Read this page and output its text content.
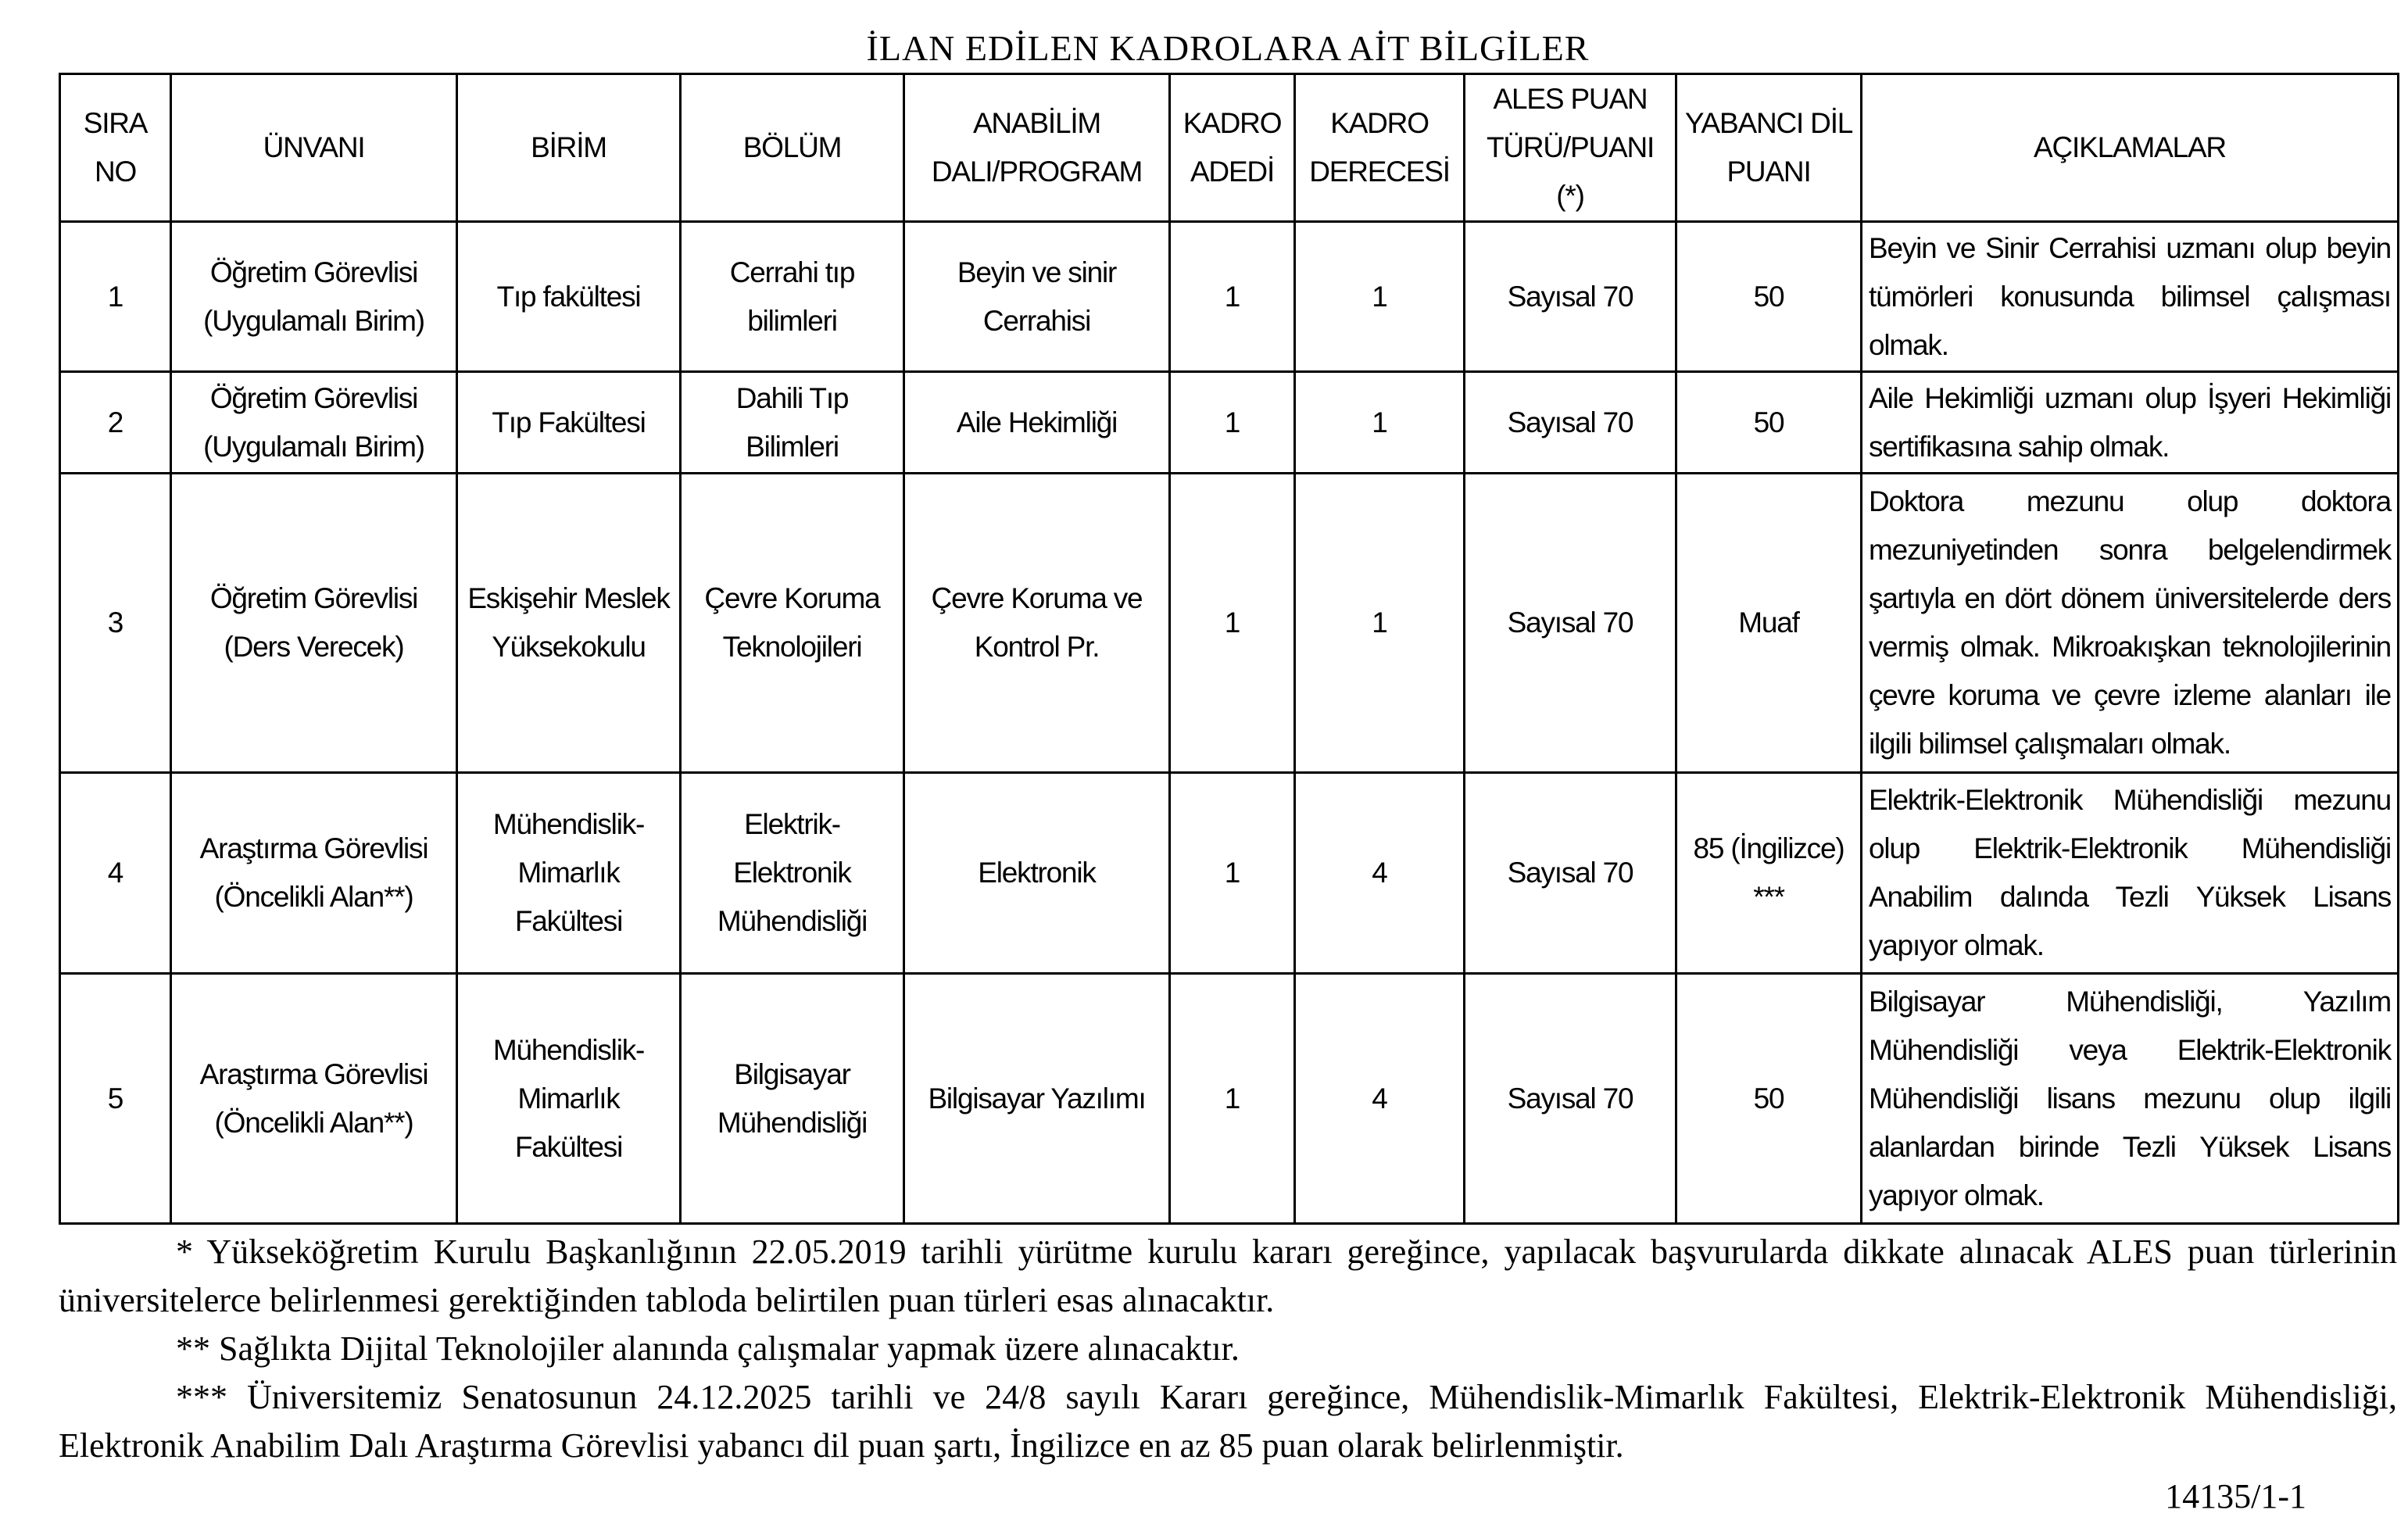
İLAN EDİLEN KADROLARA AİT BİLGİLER
SIRA NO	ÜNVANI	BİRİM	BÖLÜM	ANABİLİM DALI/PROGRAM	KADRO ADEDİ	KADRO DERECESİ	ALES PUAN TÜRÜ/PUANI (*)	YABANCI DİL PUANI	AÇIKLAMALAR
1	Öğretim Görevlisi (Uygulamalı Birim)	Tıp fakültesi	Cerrahi tıp bilimleri	Beyin ve sinir Cerrahisi	1	1	Sayısal 70	50	Beyin ve Sinir Cerrahisi uzmanı olup beyin tümörleri konusunda bilimsel çalışması olmak.
2	Öğretim Görevlisi (Uygulamalı Birim)	Tıp Fakültesi	Dahili Tıp Bilimleri	Aile Hekimliği	1	1	Sayısal 70	50	Aile Hekimliği uzmanı olup İşyeri Hekimliği sertifikasına sahip olmak.
3	Öğretim Görevlisi (Ders Verecek)	Eskişehir Meslek Yüksekokulu	Çevre Koruma Teknolojileri	Çevre Koruma ve Kontrol Pr.	1	1	Sayısal 70	Muaf	Doktora mezunu olup doktora mezuniyetinden sonra belgelendirmek şartıyla en dört dönem üniversitelerde ders vermiş olmak. Mikroakışkan teknolojilerinin çevre koruma ve çevre izleme alanları ile ilgili bilimsel çalışmaları olmak.
4	Araştırma Görevlisi (Öncelikli Alan**)	Mühendislik-Mimarlık Fakültesi	Elektrik-Elektronik Mühendisliği	Elektronik	1	4	Sayısal 70	85 (İngilizce) ***	Elektrik-Elektronik Mühendisliği mezunu olup Elektrik-Elektronik Mühendisliği Anabilim dalında Tezli Yüksek Lisans yapıyor olmak.
5	Araştırma Görevlisi (Öncelikli Alan**)	Mühendislik-Mimarlık Fakültesi	Bilgisayar Mühendisliği	Bilgisayar Yazılımı	1	4	Sayısal 70	50	Bilgisayar Mühendisliği, Yazılım Mühendisliği veya Elektrik-Elektronik Mühendisliği lisans mezunu olup ilgili alanlardan birinde Tezli Yüksek Lisans yapıyor olmak.

* Yükseköğretim Kurulu Başkanlığının 22.05.2019 tarihli yürütme kurulu kararı gereğince, yapılacak başvurularda dikkate alınacak ALES puan türlerinin üniversitelerce belirlenmesi gerektiğinden tabloda belirtilen puan türleri esas alınacaktır.

** Sağlıkta Dijital Teknolojiler alanında çalışmalar yapmak üzere alınacaktır.

*** Üniversitemiz Senatosunun 24.12.2025 tarihli ve 24/8 sayılı Kararı gereğince, Mühendislik-Mimarlık Fakültesi, Elektrik-Elektronik Mühendisliği, Elektronik Anabilim Dalı Araştırma Görevlisi yabancı dil puan şartı, İngilizce en az 85 puan olarak belirlenmiştir.

14135/1-1
